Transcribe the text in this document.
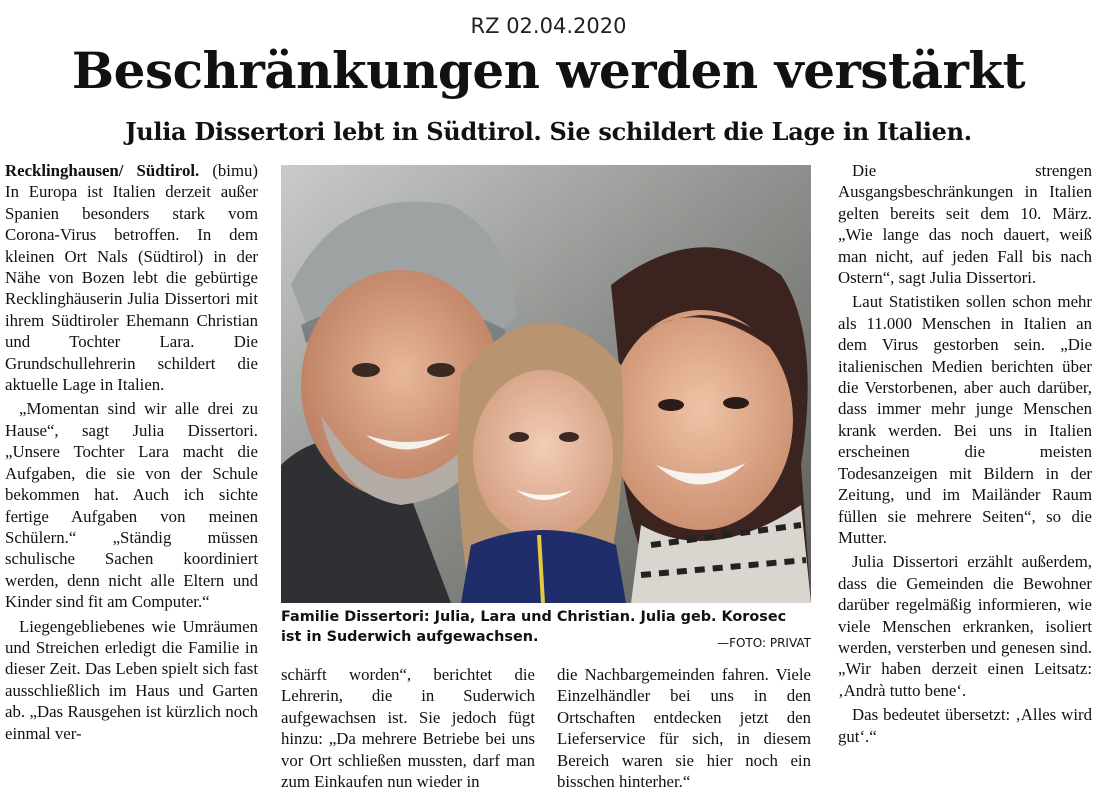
RZ 02.04.2020
Beschränkungen werden verstärkt
Julia Dissertori lebt in Südtirol. Sie schildert die Lage in Italien.

Recklinghausen/ Südtirol. (bimu) In Europa ist Italien derzeit außer Spanien besonders stark vom Corona-Virus betroffen. In dem kleinen Ort Nals (Südtirol) in der Nähe von Bozen lebt die gebürtige Recklinghäuserin Julia Dissertori mit ihrem Südtiroler Ehemann Christian und Tochter Lara. Die Grundschullehrerin schildert die aktuelle Lage in Italien.

„Momentan sind wir alle drei zu Hause“, sagt Julia Dissertori. „Unsere Tochter Lara macht die Aufgaben, die sie von der Schule bekommen hat. Auch ich sichte fertige Aufgaben von meinen Schülern.“ „Ständig müssen schulische Sachen koordiniert werden, denn nicht alle Eltern und Kinder sind fit am Computer.“

Liegengebliebenes wie Umräumen und Streichen erledigt die Familie in dieser Zeit. Das Leben spielt sich fast ausschließlich im Haus und Garten ab. „Das Rausgehen ist kürzlich noch einmal ver-

Familie Dissertori: Julia, Lara und Christian. Julia geb. Korosec ist in Suderwich aufgewachsen.	—FOTO: PRIVAT

schärft worden“, berichtet die Lehrerin, die in Suderwich aufgewachsen ist. Sie jedoch fügt hinzu: „Da mehrere Betriebe bei uns vor Ort schließen mussten, darf man zum Einkaufen nun wieder in

die Nachbargemeinden fahren. Viele Einzelhändler bei uns in den Ortschaften entdecken jetzt den Lieferservice für sich, in diesem Bereich waren sie hier noch ein bisschen hinterher.“

Die strengen Ausgangsbeschränkungen in Italien gelten bereits seit dem 10. März. „Wie lange das noch dauert, weiß man nicht, auf jeden Fall bis nach Ostern“, sagt Julia Dissertori.

Laut Statistiken sollen schon mehr als 11.000 Menschen in Italien an dem Virus gestorben sein. „Die italienischen Medien berichten über die Verstorbenen, aber auch darüber, dass immer mehr junge Menschen krank werden. Bei uns in Italien erscheinen die meisten Todesanzeigen mit Bildern in der Zeitung, und im Mailänder Raum füllen sie mehrere Seiten“, so die Mutter.

Julia Dissertori erzählt außerdem, dass die Gemeinden die Bewohner darüber regelmäßig informieren, wie viele Menschen erkranken, isoliert werden, versterben und genesen sind. „Wir haben derzeit einen Leitsatz: ‚Andrà tutto bene‘.

Das bedeutet übersetzt: ‚Alles wird gut‘.“
